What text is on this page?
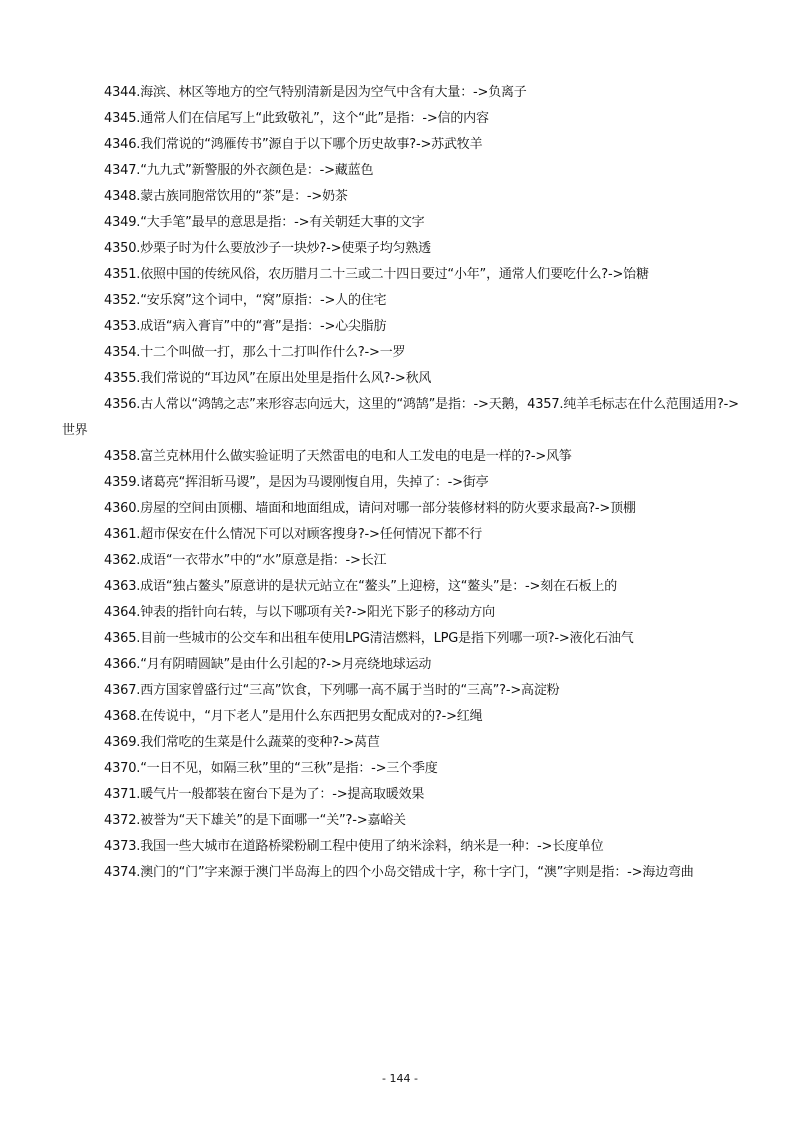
4344.海滨、林区等地方的空气特别清新是因为空气中含有大量：->负离子
4345.通常人们在信尾写上“此致敬礼”，这个“此”是指：->信的内容
4346.我们常说的“鸿雁传书”源自于以下哪个历史故事?->苏武牧羊
4347.“九九式”新警服的外衣颜色是：->藏蓝色
4348.蒙古族同胞常饮用的“茶”是：->奶茶
4349.“大手笔”最早的意思是指：->有关朝廷大事的文字
4350.炒栗子时为什么要放沙子一块炒?->使栗子均匀熟透
4351.依照中国的传统风俗，农历腊月二十三或二十四日要过“小年”，通常人们要吃什么?->饴糖
4352.“安乐窝”这个词中，“窝”原指：->人的住宅
4353.成语“病入膏肓”中的“膏”是指：->心尖脂肪
4354.十二个叫做一打，那么十二打叫作什么?->一罗
4355.我们常说的“耳边风”在原出处里是指什么风?->秋风
4356.古人常以“鸿鹄之志”来形容志向远大，这里的“鸿鹄”是指：->天鹅，4357.纯羊毛标志在什么范围适用?->世界
4358.富兰克林用什么做实验证明了天然雷电的电和人工发电的电是一样的?->风筝
4359.诸葛亮“挥泪斩马谡”，是因为马谡刚愎自用，失掉了：->街亭
4360.房屋的空间由顶棚、墙面和地面组成，请问对哪一部分装修材料的防火要求最高?->顶棚
4361.超市保安在什么情况下可以对顾客搜身?->任何情况下都不行
4362.成语“一衣带水”中的“水”原意是指：->长江
4363.成语“独占鳌头”原意讲的是状元站立在“鳌头”上迎榜，这“鳌头”是：->刻在石板上的
4364.钟表的指针向右转，与以下哪项有关?->阳光下影子的移动方向
4365.目前一些城市的公交车和出租车使用LPG清洁燃料，LPG是指下列哪一项?->液化石油气
4366.“月有阴晴圆缺”是由什么引起的?->月亮绕地球运动
4367.西方国家曾盛行过“三高”饮食，下列哪一高不属于当时的“三高”?->高淀粉
4368.在传说中，“月下老人”是用什么东西把男女配成对的?->红绳
4369.我们常吃的生菜是什么蔬菜的变种?->莴苣
4370.“一日不见，如隔三秋”里的“三秋”是指：->三个季度
4371.暖气片一般都装在窗台下是为了：->提高取暖效果
4372.被誉为“天下雄关”的是下面哪一“关”?->嘉峪关
4373.我国一些大城市在道路桥梁粉刷工程中使用了纳米涂料，纳米是一种：->长度单位
4374.澳门的“门”字来源于澳门半岛海上的四个小岛交错成十字，称十字门，“澳”字则是指：->海边弯曲
- 144 -
